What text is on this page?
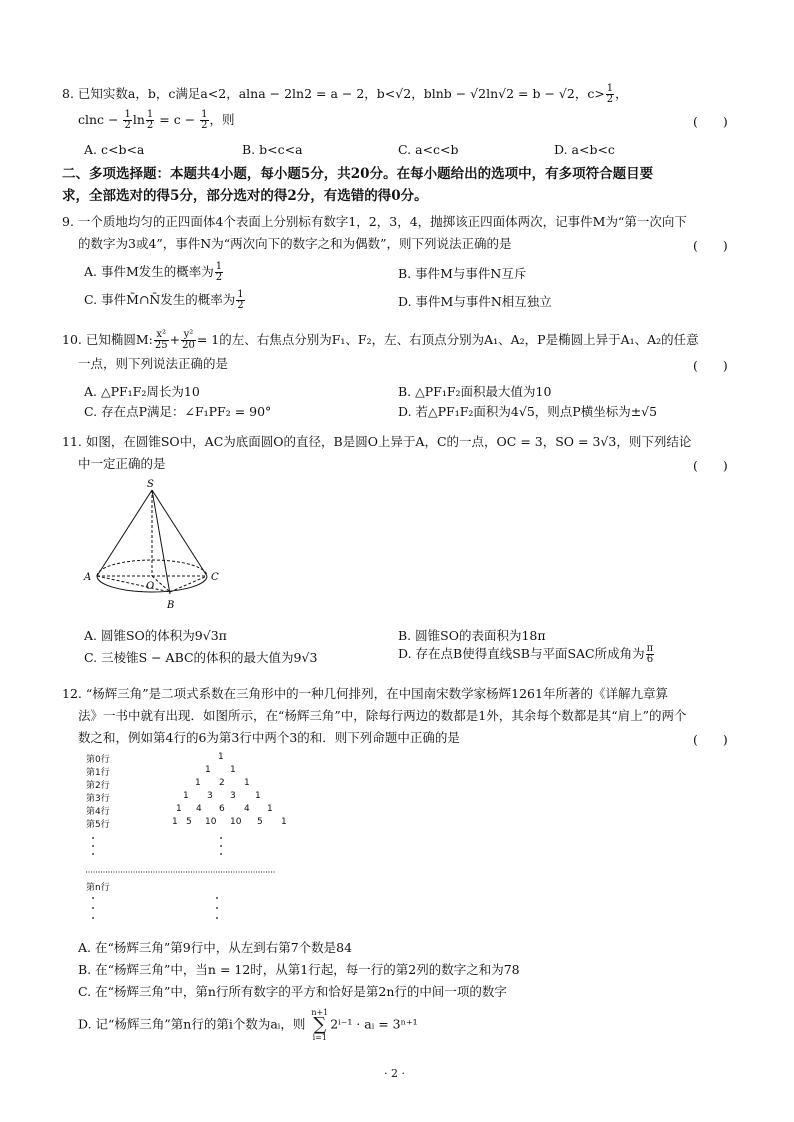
8. 已知实数a，b，c满足a<2，alna − 2ln2 = a − 2，b<√2，blnb − √2ln√2 = b − √2，$c> \frac{1}{2}$ ，
$clnc - \frac{1}{2}$ $\ln \frac{1}{2} = c - \frac{1}{2}$ ，则	(　　)
A. c<b<a	B. b<c<a	C. a<c<b	D. a<b<c
二、多项选择题：本题共4小题，每小题5分，共20分。在每小题给出的选项中，有多项符合题目要
求，全部选对的得5分，部分选对的得2分，有选错的得0分。
9. 一个质地均匀的正四面体4个表面上分别标有数字1，2，3，4，抛掷该正四面体两次，记事件M为“第一次向下
的数字为3或4”，事件N为“两次向下的数字之和为偶数”，则下列说法正确的是	(　　)
A. 事件M发生的概率为 $\frac{1}{2}$	B. 事件M与事件N互斥
C. 事件M̄∩N̄发生的概率为 $\frac{1}{2}$	D. 事件M与事件N相互独立
10. 已知椭圆M: $\frac{\text{x²}}{25} + \frac{\text{y²}}{20} = 1$的左、右焦点分别为F₁、F₂，左、右顶点分别为A₁、A₂，P是椭圆上异于A₁、A₂的任意
一点，则下列说法正确的是	(　　)
A. △PF₁F₂周长为10	B. △PF₁F₂面积最大值为10
C. 存在点P满足：∠F₁PF₂ = 90°	D. 若△PF₁F₂面积为4√5，则点P横坐标为±√5
11. 如图，在圆锥SO中，AC为底面圆O的直径，B是圆O上异于A，C的一点，OC = 3，SO = 3√3，则下列结论
中一定正确的是	(　　)
S
A	C
O
B
A. 圆锥SO的体积为9√3π	B. 圆锥SO的表面积为18π
C. 三棱锥S − ABC的体积的最大值为9√3	D. 存在点B使得直线SB与平面SAC所成角为 $\frac{\pi}{6}$
12. “杨辉三角”是二项式系数在三角形中的一种几何排列，在中国南宋数学家杨辉1261年所著的《详解九章算
法》一书中就有出现．如图所示，在“杨辉三角”中，除每行两边的数都是1外，其余每个数都是其“肩上”的两个
数之和，例如第4行的6为第3行中两个3的和．则下列命题中正确的是	(　　)
第0行
第1行
第2行
第3行
第4行
第5行
1
1 1
1 2 1
1 3 3 1
1 4 6 4 1
1 5 10 10 5 1
第n行
A. 在“杨辉三角”第9行中，从左到右第7个数是84
B. 在“杨辉三角”中，当n = 12时，从第1行起，每一行的第2列的数字之和为78
C. 在“杨辉三角”中，第n行所有数字的平方和恰好是第2n行的中间一项的数字
D. 记“杨辉三角”第n行的第i个数为aᵢ，则
n+1
∑
i=1
2ⁱ⁻¹ · aᵢ = 3ⁿ⁺¹
· 2 ·
